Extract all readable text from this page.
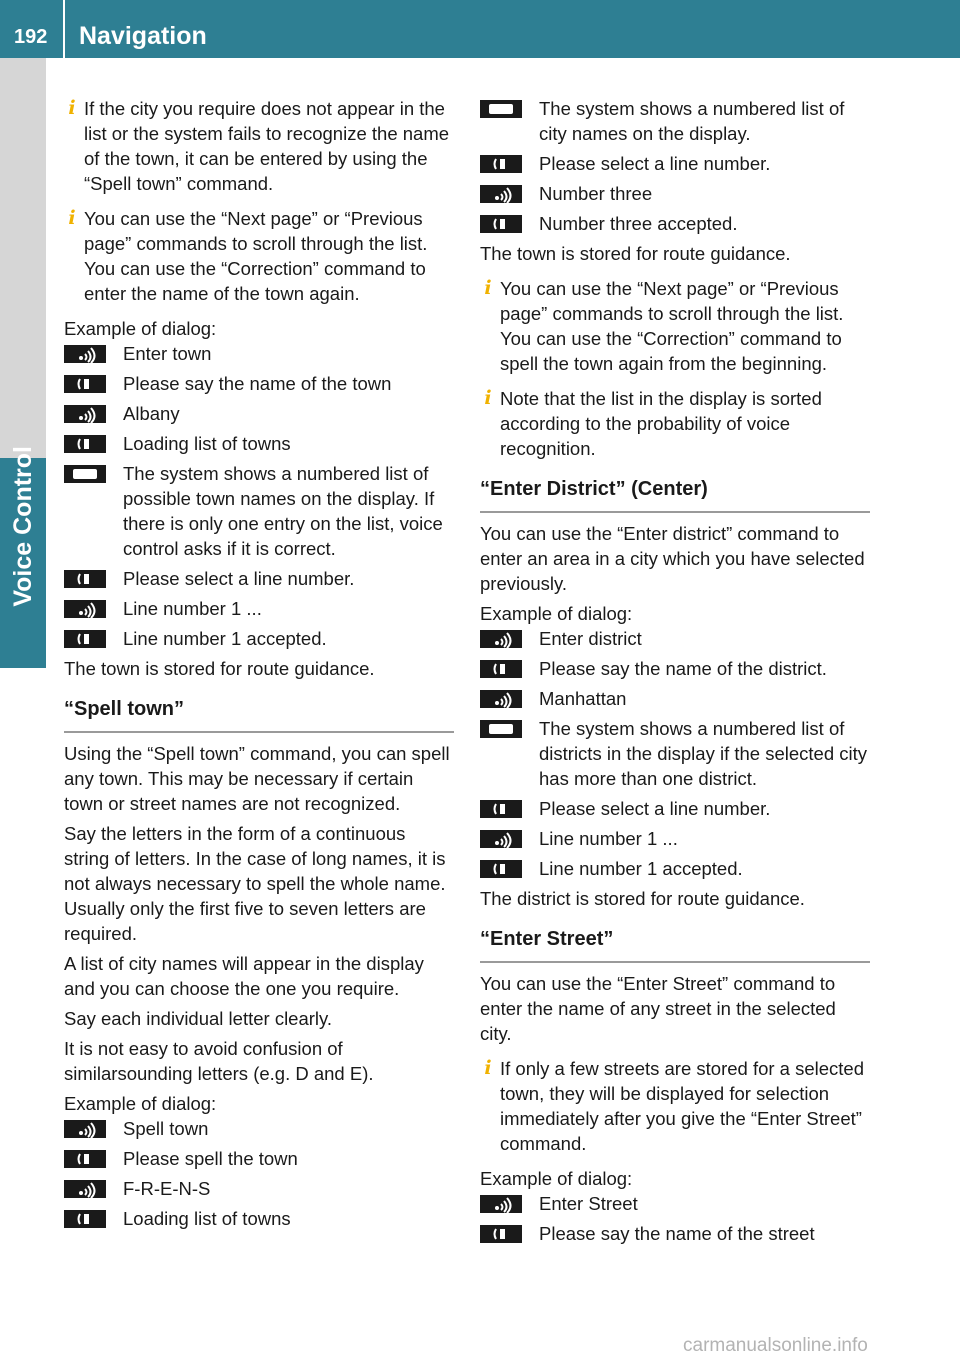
192 Navigation
Voice Control
i If the city you require does not appear in the list or the system fails to recognize the name of the town, it can be entered by using the “Spell town” command.
i You can use the “Next page” or “Previous page” commands to scroll through the list. You can use the “Correction” command to enter the name of the town again.

Example of dialog:

Enter town
Please say the name of the town
Albany
Loading list of towns
The system shows a numbered list of possible town names on the display. If there is only one entry on the list, voice control asks if it is correct.
Please select a line number.
Line number 1 ...
Line number 1 accepted.

The town is stored for route guidance.

“Spell town”

Using the “Spell town” command, you can spell any town. This may be necessary if certain town or street names are not recognized.

Say the letters in the form of a continuous string of letters. In the case of long names, it is not always necessary to spell the whole name. Usually only the first five to seven letters are required.

A list of city names will appear in the display and you can choose the one you require.

Say each individual letter clearly.

It is not easy to avoid confusion of similarsounding letters (e.g. D and E).

Example of dialog:

Spell town
Please spell the town
F-R-E-N-S
Loading list of towns
The system shows a numbered list of city names on the display.
Please select a line number.
Number three
Number three accepted.

The town is stored for route guidance.

i You can use the “Next page” or “Previous page” commands to scroll through the list. You can use the “Correction” command to spell the town again from the beginning.
i Note that the list in the display is sorted according to the probability of voice recognition.
“Enter District” (Center)

You can use the “Enter district” command to enter an area in a city which you have selected previously.

Example of dialog:

Enter district
Please say the name of the district.
Manhattan
The system shows a numbered list of districts in the display if the selected city has more than one district.
Please select a line number.
Line number 1 ...
Line number 1 accepted.

The district is stored for route guidance.

“Enter Street”

You can use the “Enter Street” command to enter the name of any street in the selected city.

i If only a few streets are stored for a selected town, they will be displayed for selection immediately after you give the “Enter Street” command.

Example of dialog:

Enter Street
Please say the name of the street
carmanualsonline.info
